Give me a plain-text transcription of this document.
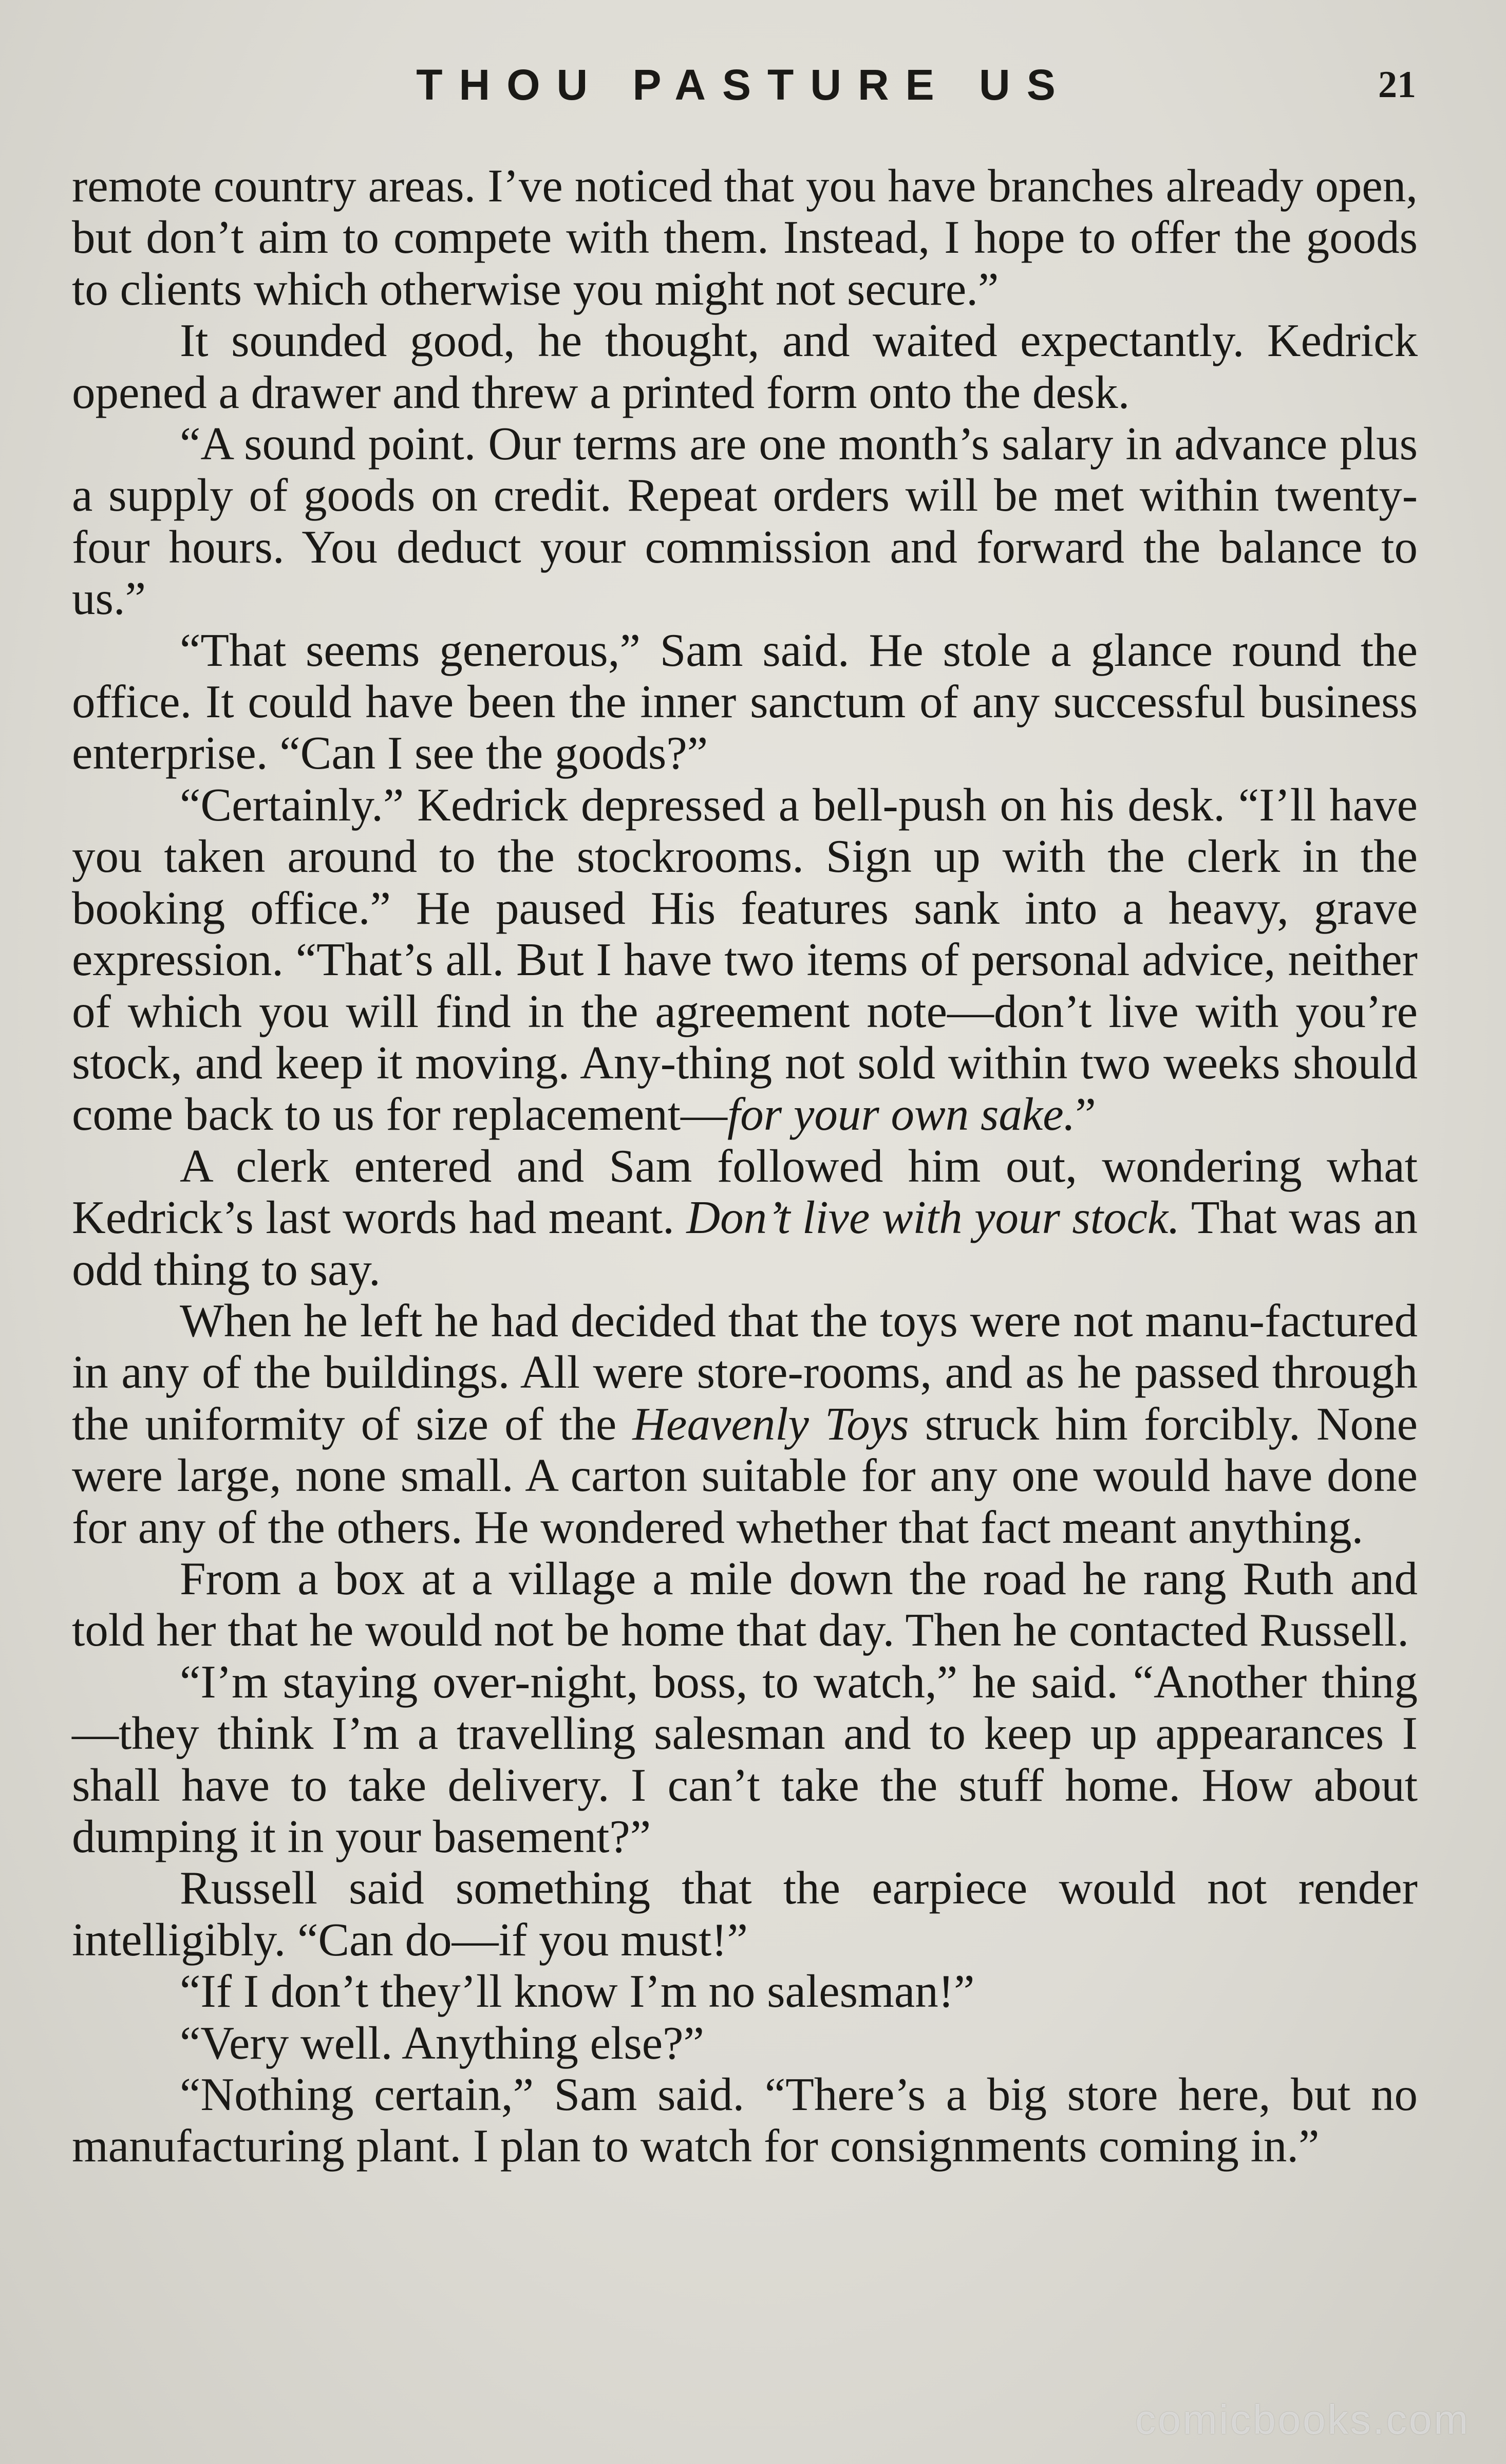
THOU PASTURE US	21

remote country areas. I’ve noticed that you have branches already open, but don’t aim to compete with them. Instead, I hope to offer the goods to clients which otherwise you might not secure.”

It sounded good, he thought, and waited expectantly. Kedrick opened a drawer and threw a printed form onto the desk.

“A sound point. Our terms are one month’s salary in advance plus a supply of goods on credit. Repeat orders will be met within twenty-four hours. You deduct your commission and forward the balance to us.”

“That seems generous,” Sam said. He stole a glance round the office. It could have been the inner sanctum of any successful business enterprise. “Can I see the goods?”

“Certainly.” Kedrick depressed a bell-push on his desk. “I’ll have you taken around to the stockrooms. Sign up with the clerk in the booking office.” He paused His features sank into a heavy, grave expression. “That’s all. But I have two items of personal advice, neither of which you will find in the agreement note—don’t live with you’re stock, and keep it moving. Any-thing not sold within two weeks should come back to us for replacement—for your own sake.”

A clerk entered and Sam followed him out, wondering what Kedrick’s last words had meant. Don’t live with your stock. That was an odd thing to say.

When he left he had decided that the toys were not manu-factured in any of the buildings. All were store-rooms, and as he passed through the uniformity of size of the Heavenly Toys struck him forcibly. None were large, none small. A carton suitable for any one would have done for any of the others. He wondered whether that fact meant anything.

From a box at a village a mile down the road he rang Ruth and told her that he would not be home that day. Then he contacted Russell.

“I’m staying over-night, boss, to watch,” he said. “Another thing—they think I’m a travelling salesman and to keep up appearances I shall have to take delivery. I can’t take the stuff home. How about dumping it in your basement?”

Russell said something that the earpiece would not render intelligibly. “Can do—if you must!”

“If I don’t they’ll know I’m no salesman!”

“Very well. Anything else?”

“Nothing certain,” Sam said. “There’s a big store here, but no manufacturing plant. I plan to watch for consignments coming in.”

comicbooks.com
